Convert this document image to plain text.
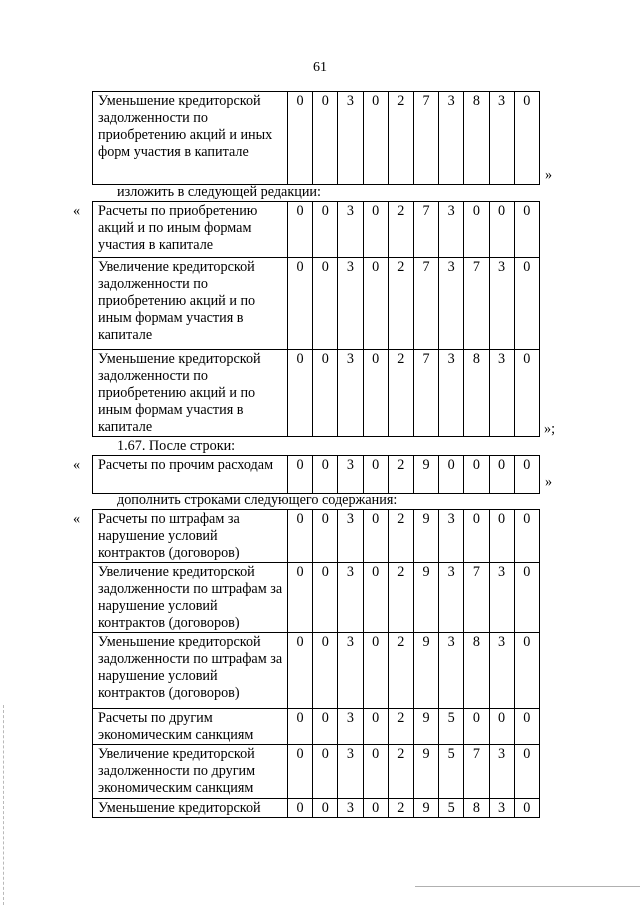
61
Уменьшение кредиторской задолженности по приобретению акций и иных форм участия в капитале	0	0	3	0	2	7	3	8	3	0
»
изложить в следующей редакции:
« Расчеты по приобретению акций и по иным формам участия в капитале	0	0	3	0	2	7	3	0	0	0
Увеличение кредиторской задолженности по приобретению акций и по иным формам участия в капитале	0	0	3	0	2	7	3	7	3	0
Уменьшение кредиторской задолженности по приобретению акций и по иным формам участия в капитале	0	0	3	0	2	7	3	8	3	0
»;
1.67. После строки:
« Расчеты по прочим расходам	0	0	3	0	2	9	0	0	0	0
»
дополнить строками следующего содержания:
« Расчеты по штрафам за нарушение условий контрактов (договоров)	0	0	3	0	2	9	3	0	0	0
Увеличение кредиторской задолженности по штрафам за нарушение условий контрактов (договоров)	0	0	3	0	2	9	3	7	3	0
Уменьшение кредиторской задолженности по штрафам за нарушение условий контрактов (договоров)	0	0	3	0	2	9	3	8	3	0
Расчеты по другим экономическим санкциям	0	0	3	0	2	9	5	0	0	0
Увеличение кредиторской задолженности по другим экономическим санкциям	0	0	3	0	2	9	5	7	3	0
Уменьшение кредиторской	0	0	3	0	2	9	5	8	3	0
